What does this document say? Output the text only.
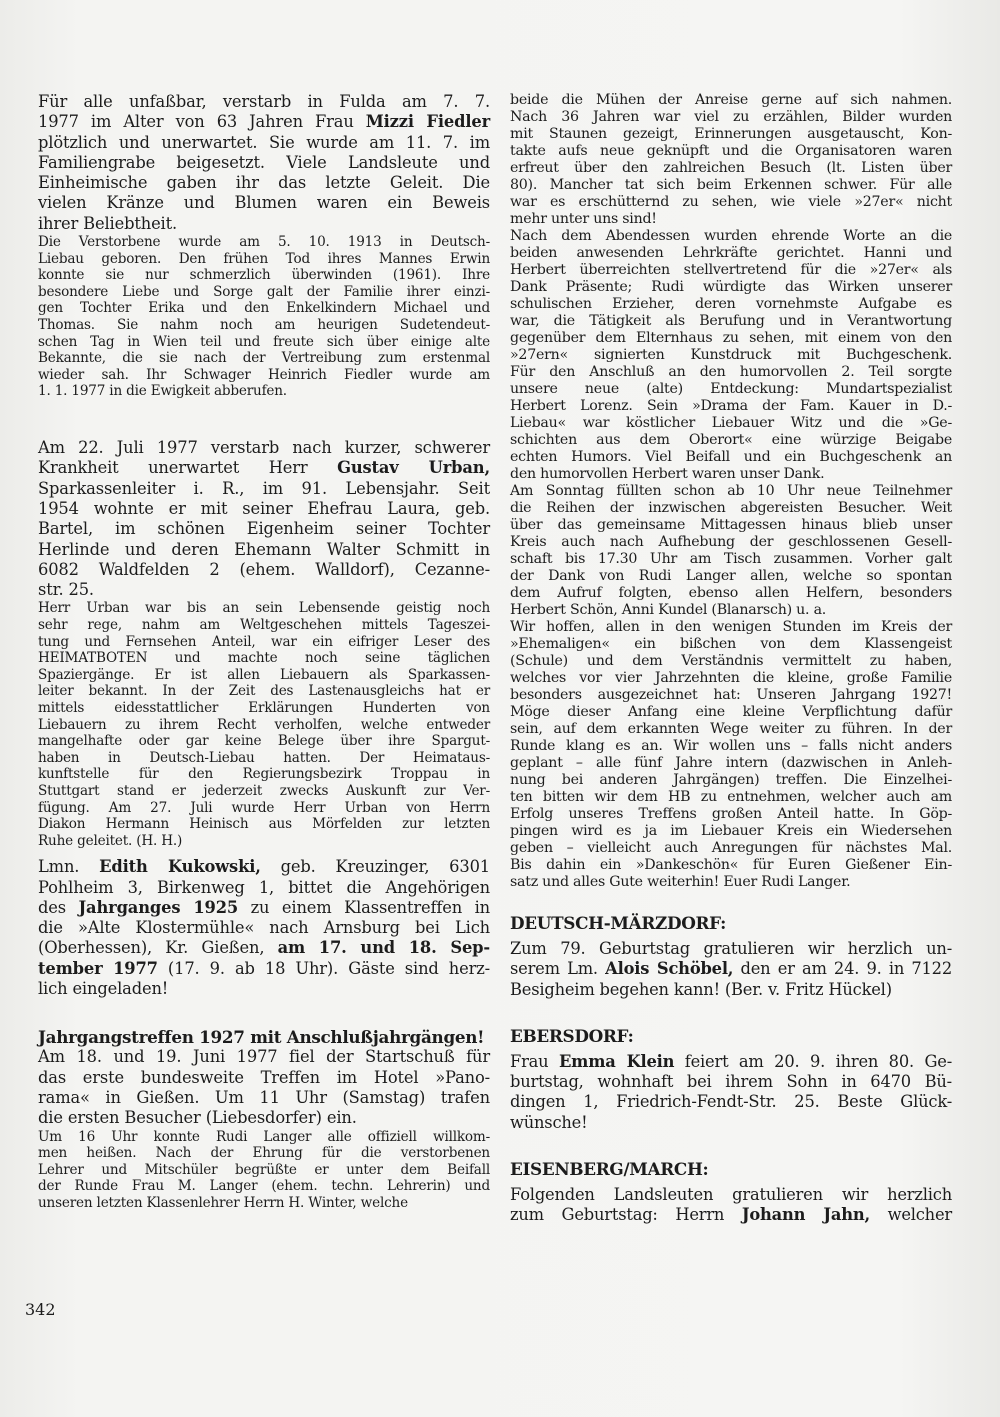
Für alle unfaßbar, verstarb in Fulda am 7. 7.
1977 im Alter von 63 Jahren Frau Mizzi Fiedler
plötzlich und unerwartet. Sie wurde am 11. 7. im
Familiengrabe beigesetzt. Viele Landsleute und
Einheimische gaben ihr das letzte Geleit. Die
vielen Kränze und Blumen waren ein Beweis
ihrer Beliebtheit.
Die Verstorbene wurde am 5. 10. 1913 in Deutsch-
Liebau geboren. Den frühen Tod ihres Mannes Erwin
konnte sie nur schmerzlich überwinden (1961). Ihre
besondere Liebe und Sorge galt der Familie ihrer einzi-
gen Tochter Erika und den Enkelkindern Michael und
Thomas. Sie nahm noch am heurigen Sudetendeut-
schen Tag in Wien teil und freute sich über einige alte
Bekannte, die sie nach der Vertreibung zum erstenmal
wieder sah. Ihr Schwager Heinrich Fiedler wurde am
1. 1. 1977 in die Ewigkeit abberufen.
Am 22. Juli 1977 verstarb nach kurzer, schwerer
Krankheit unerwartet Herr Gustav Urban,
Sparkassenleiter i. R., im 91. Lebensjahr. Seit
1954 wohnte er mit seiner Ehefrau Laura, geb.
Bartel, im schönen Eigenheim seiner Tochter
Herlinde und deren Ehemann Walter Schmitt in
6082 Waldfelden 2 (ehem. Walldorf), Cezanne-
str. 25.
Herr Urban war bis an sein Lebensende geistig noch
sehr rege, nahm am Weltgeschehen mittels Tageszei-
tung und Fernsehen Anteil, war ein eifriger Leser des
HEIMATBOTEN und machte noch seine täglichen
Spaziergänge. Er ist allen Liebauern als Sparkassen-
leiter bekannt. In der Zeit des Lastenausgleichs hat er
mittels eidesstattlicher Erklärungen Hunderten von
Liebauern zu ihrem Recht verholfen, welche entweder
mangelhafte oder gar keine Belege über ihre Spargut-
haben in Deutsch-Liebau hatten. Der Heimataus-
kunftstelle für den Regierungsbezirk Troppau in
Stuttgart stand er jederzeit zwecks Auskunft zur Ver-
fügung. Am 27. Juli wurde Herr Urban von Herrn
Diakon Hermann Heinisch aus Mörfelden zur letzten
Ruhe geleitet. (H. H.)
Lmn. Edith Kukowski, geb. Kreuzinger, 6301
Pohlheim 3, Birkenweg 1, bittet die Angehörigen
des Jahrganges 1925 zu einem Klassentreffen in
die »Alte Klostermühle« nach Arnsburg bei Lich
(Oberhessen), Kr. Gießen, am 17. und 18. Sep-
tember 1977 (17. 9. ab 18 Uhr). Gäste sind herz-
lich eingeladen!
Jahrgangstreffen 1927 mit Anschlußjahrgängen!
Am 18. und 19. Juni 1977 fiel der Startschuß für
das erste bundesweite Treffen im Hotel »Pano-
rama« in Gießen. Um 11 Uhr (Samstag) trafen
die ersten Besucher (Liebesdorfer) ein.
Um 16 Uhr konnte Rudi Langer alle offiziell willkom-
men heißen. Nach der Ehrung für die verstorbenen
Lehrer und Mitschüler begrüßte er unter dem Beifall
der Runde Frau M. Langer (ehem. techn. Lehrerin) und
unseren letzten Klassenlehrer Herrn H. Winter, welche
beide die Mühen der Anreise gerne auf sich nahmen.
Nach 36 Jahren war viel zu erzählen, Bilder wurden
mit Staunen gezeigt, Erinnerungen ausgetauscht, Kon-
takte aufs neue geknüpft und die Organisatoren waren
erfreut über den zahlreichen Besuch (lt. Listen über
80). Mancher tat sich beim Erkennen schwer. Für alle
war es erschütternd zu sehen, wie viele »27er« nicht
mehr unter uns sind!
Nach dem Abendessen wurden ehrende Worte an die
beiden anwesenden Lehrkräfte gerichtet. Hanni und
Herbert überreichten stellvertretend für die »27er« als
Dank Präsente; Rudi würdigte das Wirken unserer
schulischen Erzieher, deren vornehmste Aufgabe es
war, die Tätigkeit als Berufung und in Verantwortung
gegenüber dem Elternhaus zu sehen, mit einem von den
»27ern« signierten Kunstdruck mit Buchgeschenk.
Für den Anschluß an den humorvollen 2. Teil sorgte
unsere neue (alte) Entdeckung: Mundartspezialist
Herbert Lorenz. Sein »Drama der Fam. Kauer in D.-
Liebau« war köstlicher Liebauer Witz und die »Ge-
schichten aus dem Oberort« eine würzige Beigabe
echten Humors. Viel Beifall und ein Buchgeschenk an
den humorvollen Herbert waren unser Dank.
Am Sonntag füllten schon ab 10 Uhr neue Teilnehmer
die Reihen der inzwischen abgereisten Besucher. Weit
über das gemeinsame Mittagessen hinaus blieb unser
Kreis auch nach Aufhebung der geschlossenen Gesell-
schaft bis 17.30 Uhr am Tisch zusammen. Vorher galt
der Dank von Rudi Langer allen, welche so spontan
dem Aufruf folgten, ebenso allen Helfern, besonders
Herbert Schön, Anni Kundel (Blanarsch) u. a.
Wir hoffen, allen in den wenigen Stunden im Kreis der
»Ehemaligen« ein bißchen von dem Klassengeist
(Schule) und dem Verständnis vermittelt zu haben,
welches vor vier Jahrzehnten die kleine, große Familie
besonders ausgezeichnet hat: Unseren Jahrgang 1927!
Möge dieser Anfang eine kleine Verpflichtung dafür
sein, auf dem erkannten Wege weiter zu führen. In der
Runde klang es an. Wir wollen uns – falls nicht anders
geplant – alle fünf Jahre intern (dazwischen in Anleh-
nung bei anderen Jahrgängen) treffen. Die Einzelhei-
ten bitten wir dem HB zu entnehmen, welcher auch am
Erfolg unseres Treffens großen Anteil hatte. In Göp-
pingen wird es ja im Liebauer Kreis ein Wiedersehen
geben – vielleicht auch Anregungen für nächstes Mal.
Bis dahin ein »Dankeschön« für Euren Gießener Ein-
satz und alles Gute weiterhin! Euer Rudi Langer.
DEUTSCH-MÄRZDORF:
Zum 79. Geburtstag gratulieren wir herzlich un-
serem Lm. Alois Schöbel, den er am 24. 9. in 7122
Besigheim begehen kann! (Ber. v. Fritz Hückel)
EBERSDORF:
Frau Emma Klein feiert am 20. 9. ihren 80. Ge-
burtstag, wohnhaft bei ihrem Sohn in 6470 Bü-
dingen 1, Friedrich-Fendt-Str. 25. Beste Glück-
wünsche!
EISENBERG/MARCH:
Folgenden Landsleuten gratulieren wir herzlich
zum Geburtstag: Herrn Johann Jahn, welcher
342
